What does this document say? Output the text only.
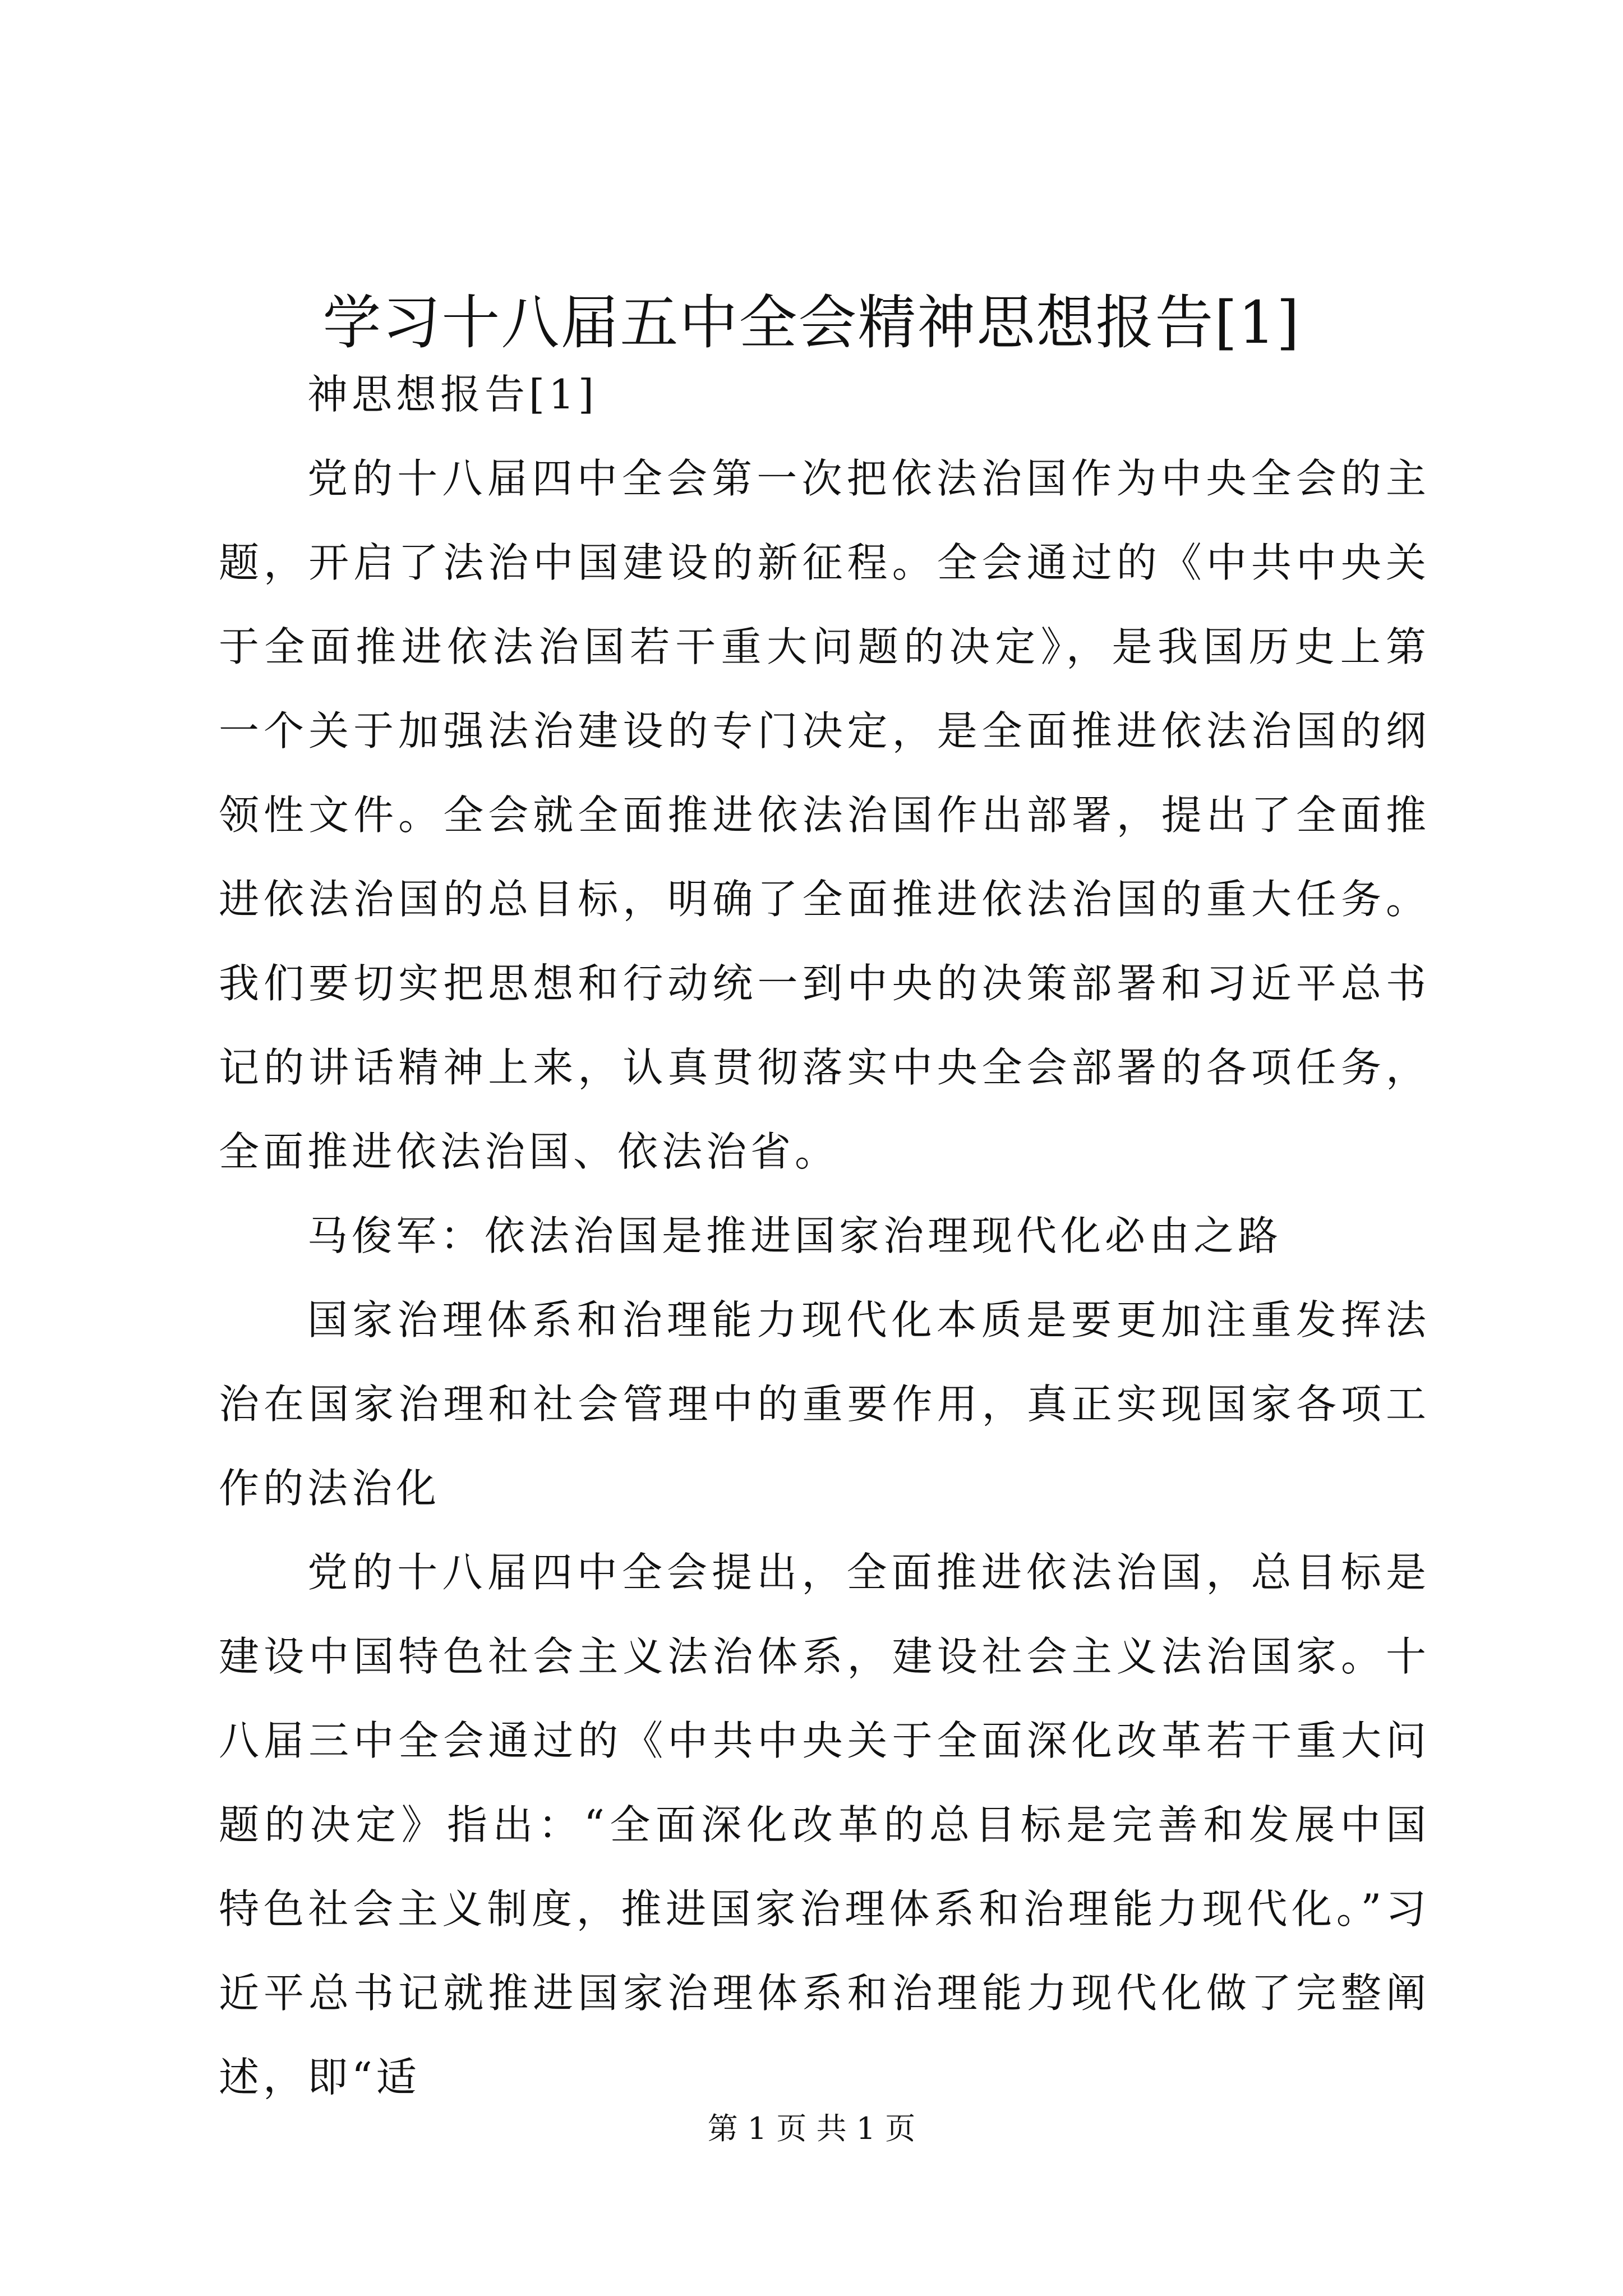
学习十八届五中全会精神思想报告[1]

神思想报告[1]

党的十八届四中全会第一次把依法治国作为中央全会的主题，开启了法治中国建设的新征程。全会通过的《中共中央关于全面推进依法治国若干重大问题的决定》，是我国历史上第一个关于加强法治建设的专门决定，是全面推进依法治国的纲领性文件。全会就全面推进依法治国作出部署，提出了全面推进依法治国的总目标，明确了全面推进依法治国的重大任务。我们要切实把思想和行动统一到中央的决策部署和习近平总书记的讲话精神上来，认真贯彻落实中央全会部署的各项任务，全面推进依法治国、依法治省。

马俊军：依法治国是推进国家治理现代化必由之路

国家治理体系和治理能力现代化本质是要更加注重发挥法治在国家治理和社会管理中的重要作用，真正实现国家各项工作的法治化

党的十八届四中全会提出，全面推进依法治国，总目标是建设中国特色社会主义法治体系，建设社会主义法治国家。十八届三中全会通过的《中共中央关于全面深化改革若干重大问题的决定》指出：“全面深化改革的总目标是完善和发展中国特色社会主义制度，推进国家治理体系和治理能力现代化。”习近平总书记就推进国家治理体系和治理能力现代化做了完整阐述，即“适

第 1 页 共 1 页
